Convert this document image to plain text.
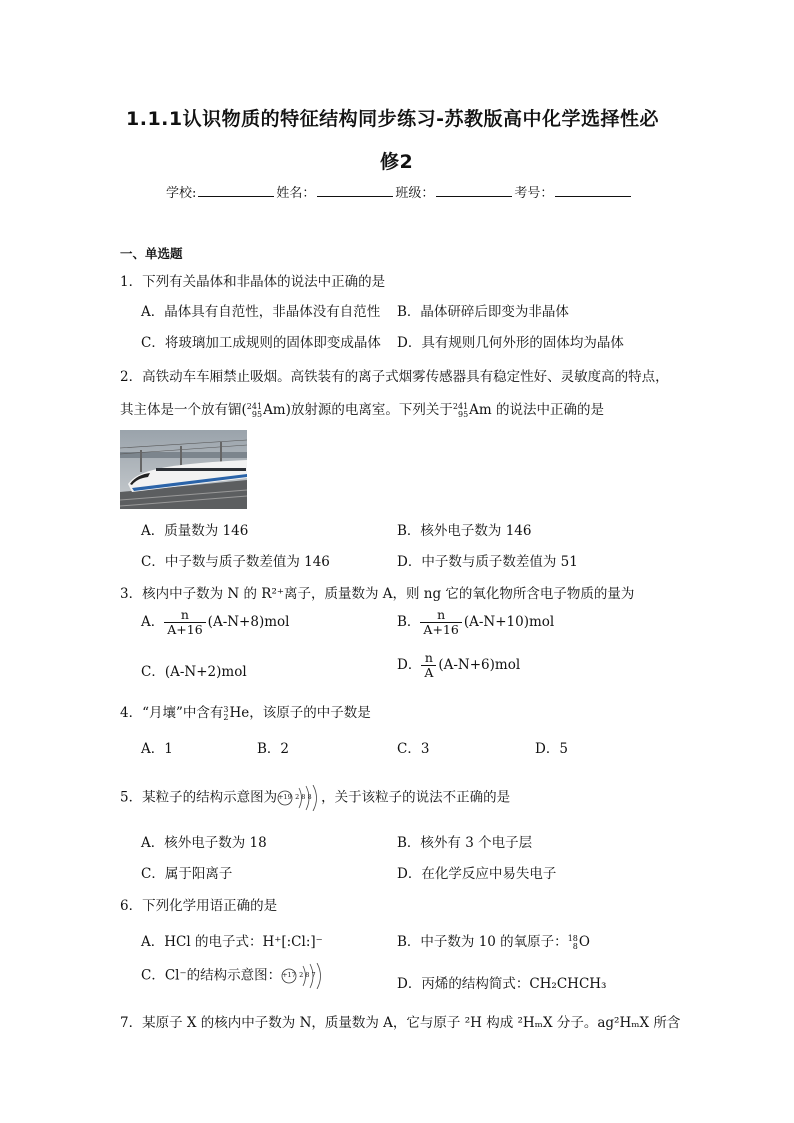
1.1.1认识物质的特征结构同步练习-苏教版高中化学选择性必
修2
学校:	姓名：	班级：	考号：
一、单选题
1．下列有关晶体和非晶体的说法中正确的是
A．晶体具有自范性，非晶体没有自范性 B．晶体研碎后即变为非晶体
C．将玻璃加工成规则的固体即变成晶体 D．具有规则几何外形的固体均为晶体
2．高铁动车车厢禁止吸烟。高铁装有的离子式烟雾传感器具有稳定性好、灵敏度高的特点，
其主体是一个放有镅( 241
95 Am)放射源的电离室。下列关于 241
95 Am 的说法中正确的是
A．质量数为 146	B．核外电子数为 146
C．中子数与质子数差值为 146	D．中子数与质子数差值为 51
3．核内中子数为 N 的 R²⁺离子，质量数为 A，则 ng 它的氧化物所含电子物质的量为
A． $\frac{n}{A+16} (A-N+8)mol$	B． $\frac{n}{A+16} (A-N+10)mol$
C．(A-N+2)mol	D． $\frac{n}{A} (A-N+6)mol$
4．“月壤”中含有 3
2 He，该原子的中子数是
A．1	B．2	C．3	D．5
5．某粒子的结构示意图为 +19 2 8 8 ，关于该粒子的说法不正确的是
A．核外电子数为 18	B．核外有 3 个电子层
C．属于阳离子	D．在化学反应中易失电子
6．下列化学用语正确的是
A．HCl 的电子式：H⁺[:Cl:]⁻	B．中子数为 10 的氧原子： 18
8 O
C．Cl⁻的结构示意图： +17 2 8 7
D．丙烯的结构简式：CH₂CHCH₃
7．某原子 X 的核内中子数为 N，质量数为 A，它与原子 ²H 构成 ²HₘX 分子。ag²HₘX 所含
